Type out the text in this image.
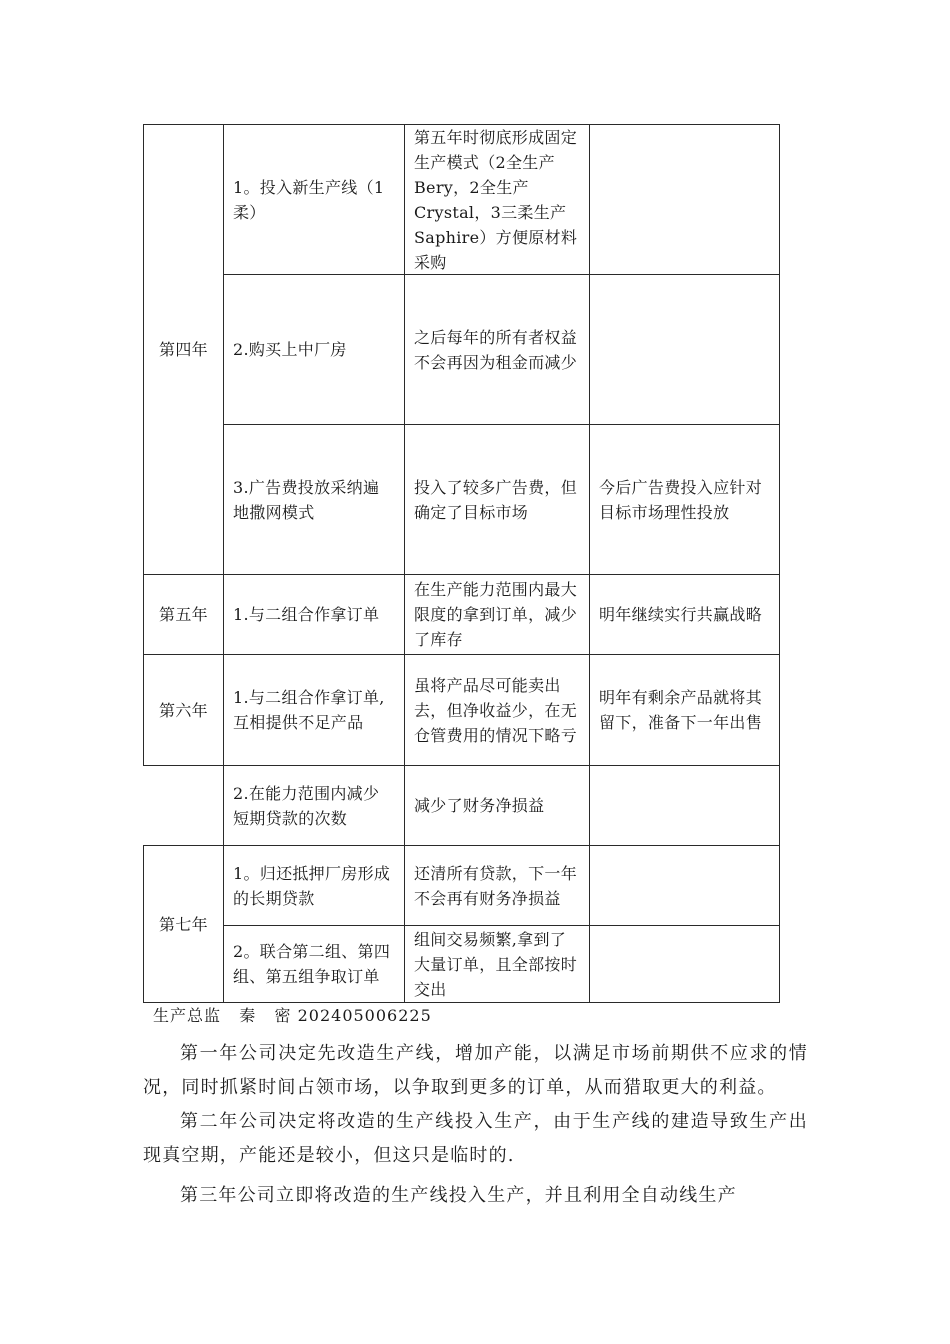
第四年
第五年
第六年
第七年
1。投入新生产线（1柔）
第五年时彻底形成固定生产模式（2全生产Bery，2全生产Crystal，3三柔生产Saphire）方便原材料采购
2.购买上中厂房
之后每年的所有者权益不会再因为租金而减少
3.广告费投放采纳遍地撒网模式
投入了较多广告费，但确定了目标市场
今后广告费投入应针对目标市场理性投放
1.与二组合作拿订单
在生产能力范围内最大限度的拿到订单，减少了库存
明年继续实行共赢战略
1.与二组合作拿订单,互相提供不足产品
虽将产品尽可能卖出去，但净收益少，在无仓管费用的情况下略亏
明年有剩余产品就将其留下，准备下一年出售
2.在能力范围内减少短期贷款的次数
减少了财务净损益
1。归还抵押厂房形成的长期贷款
还清所有贷款，下一年不会再有财务净损益
2。联合第二组、第四组、第五组争取订单
组间交易频繁,拿到了大量订单，且全部按时交出
生产总监   秦   密 202405006225

第一年公司决定先改造生产线，增加产能，以满足市场前期供不应求的情况，同时抓紧时间占领市场，以争取到更多的订单，从而猎取更大的利益。

第二年公司决定将改造的生产线投入生产，由于生产线的建造导致生产出现真空期，产能还是较小，但这只是临时的.

第三年公司立即将改造的生产线投入生产，并且利用全自动线生产
